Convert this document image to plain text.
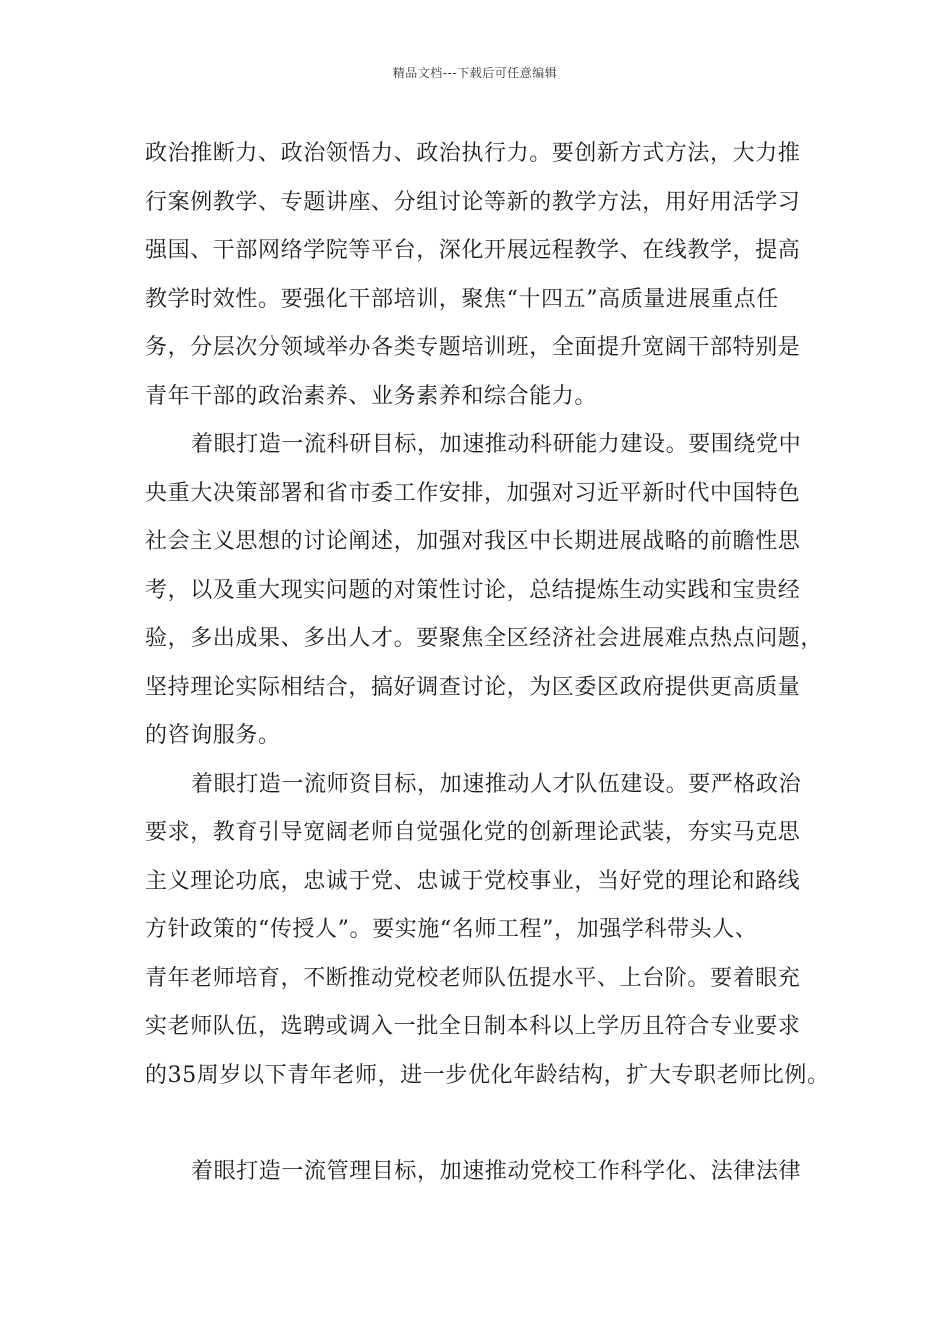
精品文档---下载后可任意编辑
政治推断力、政治领悟力、政治执行力。要创新方式方法，大力推
行案例教学、专题讲座、分组讨论等新的教学方法，用好用活学习
强国、干部网络学院等平台，深化开展远程教学、在线教学，提高
教学时效性。要强化干部培训，聚焦“十四五”高质量进展重点任
务，分层次分领域举办各类专题培训班，全面提升宽阔干部特别是
青年干部的政治素养、业务素养和综合能力。
着眼打造一流科研目标，加速推动科研能力建设。要围绕党中
央重大决策部署和省市委工作安排，加强对习近平新时代中国特色
社会主义思想的讨论阐述，加强对我区中长期进展战略的前瞻性思
考，以及重大现实问题的对策性讨论，总结提炼生动实践和宝贵经
验，多出成果、多出人才。要聚焦全区经济社会进展难点热点问题，
坚持理论实际相结合，搞好调查讨论，为区委区政府提供更高质量
的咨询服务。
着眼打造一流师资目标，加速推动人才队伍建设。要严格政治
要求，教育引导宽阔老师自觉强化党的创新理论武装，夯实马克思
主义理论功底，忠诚于党、忠诚于党校事业，当好党的理论和路线
方针政策的“传授人”。要实施“名师工程”，加强学科带头人、
青年老师培育，不断推动党校老师队伍提水平、上台阶。要着眼充
实老师队伍，选聘或调入一批全日制本科以上学历且符合专业要求
的35周岁以下青年老师，进一步优化年龄结构，扩大专职老师比例。
着眼打造一流管理目标，加速推动党校工作科学化、法律法律
